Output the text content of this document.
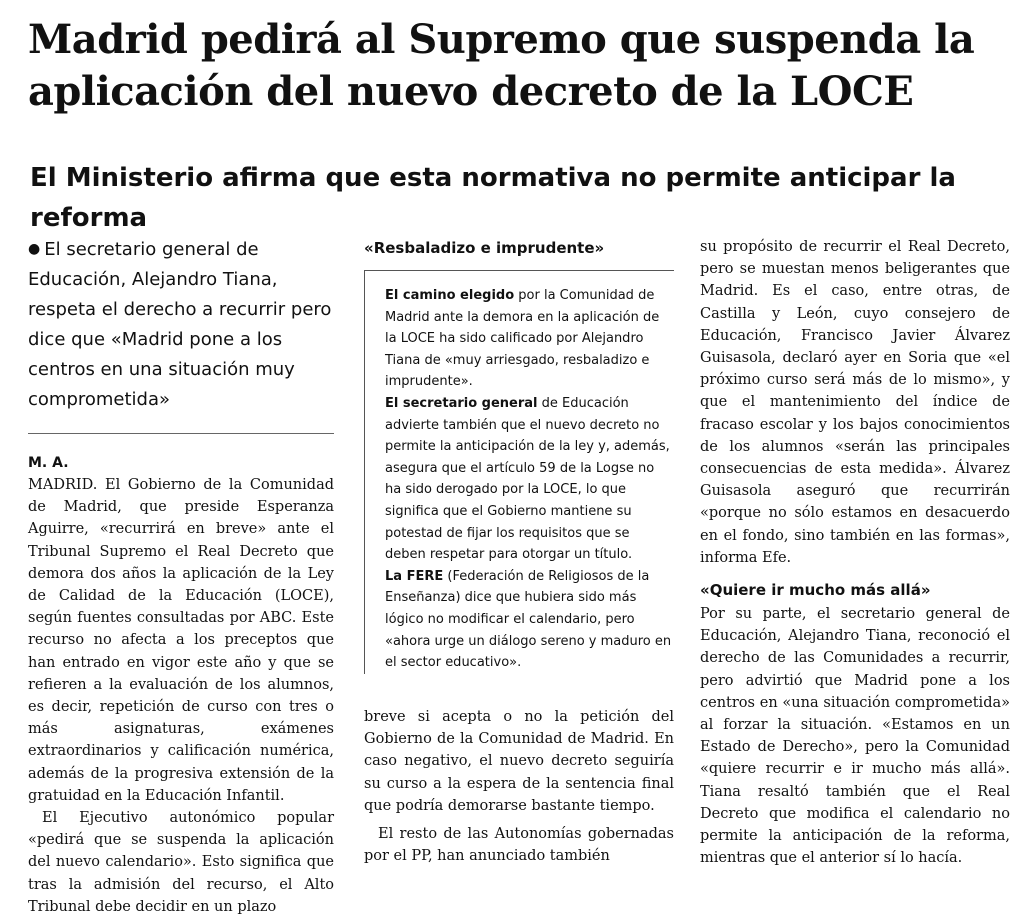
Madrid pedirá al Supremo que suspenda la aplicación del nuevo decreto de la LOCE
El Ministerio afirma que esta normativa no permite anticipar la reforma

● El secretario general de Educación, Alejandro Tiana, respeta el derecho a recurrir pero dice que «Madrid pone a los centros en una situación muy comprometida»

M. A.

MADRID. El Gobierno de la Comunidad de Madrid, que preside Esperanza Aguirre, «recurrirá en breve» ante el Tribunal Supremo el Real Decreto que demora dos años la aplicación de la Ley de Calidad de la Educación (LOCE), según fuentes consultadas por ABC. Este recurso no afecta a los preceptos que han entrado en vigor este año y que se refieren a la evaluación de los alumnos, es decir, repetición de curso con tres o más asignaturas, exámenes extraordinarios y calificación numérica, además de la progresiva extensión de la gratuidad en la Educación Infantil.

El Ejecutivo autonómico popular «pedirá que se suspenda la aplicación del nuevo calendario». Esto significa que tras la admisión del recurso, el Alto Tribunal debe decidir en un plazo

«Resbaladizo e imprudente»

El camino elegido por la Comunidad de Madrid ante la demora en la aplicación de la LOCE ha sido calificado por Alejandro Tiana de «muy arriesgado, resbaladizo e imprudente».

El secretario general de Educación advierte también que el nuevo decreto no permite la anticipación de la ley y, además, asegura que el artículo 59 de la Logse no ha sido derogado por la LOCE, lo que significa que el Gobierno mantiene su potestad de fijar los requisitos que se deben respetar para otorgar un título.

La FERE (Federación de Religiosos de la Enseñanza) dice que hubiera sido más lógico no modificar el calendario, pero «ahora urge un diálogo sereno y maduro en el sector educativo».

breve si acepta o no la petición del Gobierno de la Comunidad de Madrid. En caso negativo, el nuevo decreto seguiría su curso a la espera de la sentencia final que podría demorarse bastante tiempo.

El resto de las Autonomías gobernadas por el PP, han anunciado también

su propósito de recurrir el Real Decreto, pero se muestan menos beligerantes que Madrid. Es el caso, entre otras, de Castilla y León, cuyo consejero de Educación, Francisco Javier Álvarez Guisasola, declaró ayer en Soria que «el próximo curso será más de lo mismo», y que el mantenimiento del índice de fracaso escolar y los bajos conocimientos de los alumnos «serán las principales consecuencias de esta medida». Álvarez Guisasola aseguró que recurrirán «porque no sólo estamos en desacuerdo en el fondo, sino también en las formas», informa Efe.

«Quiere ir mucho más allá»

Por su parte, el secretario general de Educación, Alejandro Tiana, reconoció el derecho de las Comunidades a recurrir, pero advirtió que Madrid pone a los centros en «una situación comprometida» al forzar la situación. «Estamos en un Estado de Derecho», pero la Comunidad «quiere recurrir e ir mucho más allá». Tiana resaltó también que el Real Decreto que modifica el calendario no permite la anticipación de la reforma, mientras que el anterior sí lo hacía.
